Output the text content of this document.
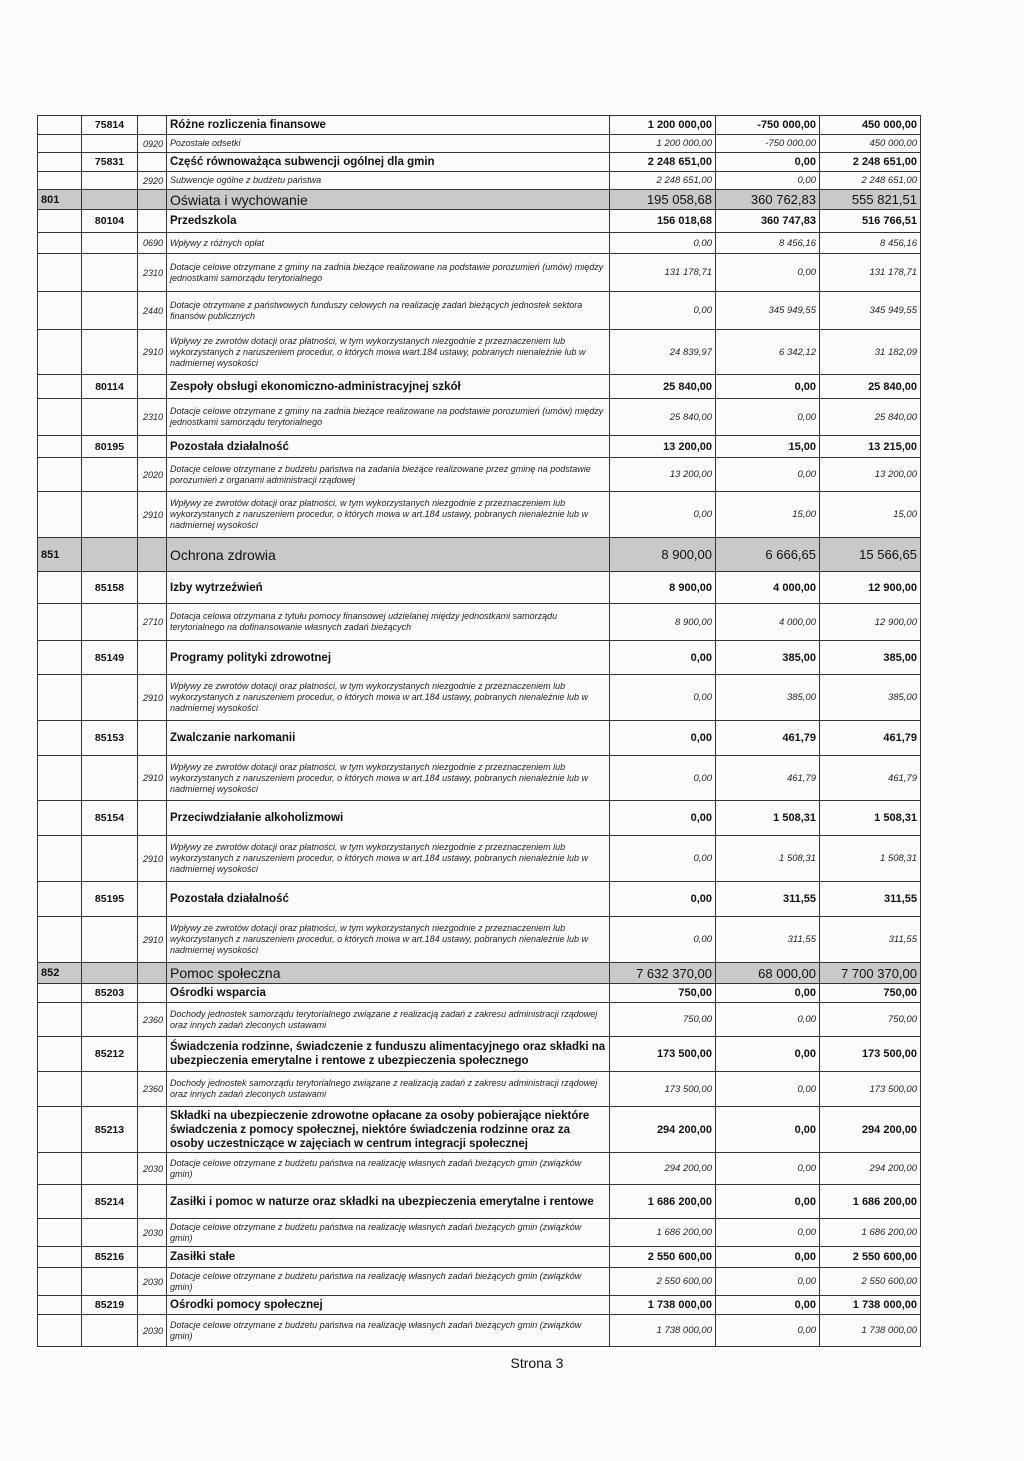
	75814		Różne rozliczenia finansowe	1 200 000,00	-750 000,00	450 000,00
		0920	Pozostałe odsetki	1 200 000,00	-750 000,00	450 000,00
	75831		Część równoważąca subwencji ogólnej dla gmin	2 248 651,00	0,00	2 248 651,00
		2920	Subwencje ogólne z budżetu państwa	2 248 651,00	0,00	2 248 651,00
801			Oświata i wychowanie	195 058,68	360 762,83	555 821,51
	80104		Przedszkola	156 018,68	360 747,83	516 766,51
		0690	Wpływy z różnych opłat	0,00	8 456,16	8 456,16
		2310	Dotacje celowe otrzymane z gminy na zadnia bieżące realizowane na podstawie porozumień (umów) między jednostkami samorządu terytorialnego	131 178,71	0,00	131 178,71
		2440	Dotacje otrzymane z państwowych funduszy celowych na realizację zadań bieżących jednostek sektora finansów publicznych	0,00	345 949,55	345 949,55
		2910	Wpływy ze zwrotów dotacji oraz płatności, w tym wykorzystanych niezgodnie z przeznaczeniem lub wykorzystanych z naruszeniem procedur, o których mowa wart.184 ustawy, pobranych nienależnie lub w nadmiernej wysokości	24 839,97	6 342,12	31 182,09
	80114		Zespoły obsługi ekonomiczno-administracyjnej szkół	25 840,00	0,00	25 840,00
		2310	Dotacje celowe otrzymane z gminy na zadnia bieżące realizowane na podstawie porozumień (umów) między jednostkami samorządu terytorialnego	25 840,00	0,00	25 840,00
	80195		Pozostała działalność	13 200,00	15,00	13 215,00
		2020	Dotacje celowe otrzymane z budżetu państwa na zadania bieżące realizowane przez gminę na podstawie porozumień z organami administracji rządowej	13 200,00	0,00	13 200,00
		2910	Wpływy ze zwrotów dotacji oraz płatności, w tym wykorzystanych niezgodnie z przeznaczeniem lub wykorzystanych z naruszeniem procedur, o których mowa w art.184 ustawy, pobranych nienależnie lub w nadmiernej wysokości	0,00	15,00	15,00
851			Ochrona zdrowia	8 900,00	6 666,65	15 566,65
	85158		Izby wytrzeźwień	8 900,00	4 000,00	12 900,00
		2710	Dotacja celowa otrzymana z tytułu pomocy finansowej udzielanej między jednostkami samorządu terytorialnego na dofinansowanie własnych zadań bieżących	8 900,00	4 000,00	12 900,00
	85149		Programy polityki zdrowotnej	0,00	385,00	385,00
		2910	Wpływy ze zwrotów dotacji oraz płatności, w tym wykorzystanych niezgodnie z przeznaczeniem lub wykorzystanych z naruszeniem procedur, o których mowa w art.184 ustawy, pobranych nienależnie lub w nadmiernej wysokości	0,00	385,00	385,00
	85153		Zwalczanie narkomanii	0,00	461,79	461,79
		2910	Wpływy ze zwrotów dotacji oraz płatności, w tym wykorzystanych niezgodnie z przeznaczeniem lub wykorzystanych z naruszeniem procedur, o których mowa w art.184 ustawy, pobranych nienależnie lub w nadmiernej wysokości	0,00	461,79	461,79
	85154		Przeciwdziałanie alkoholizmowi	0,00	1 508,31	1 508,31
		2910	Wpływy ze zwrotów dotacji oraz płatności, w tym wykorzystanych niezgodnie z przeznaczeniem lub wykorzystanych z naruszeniem procedur, o których mowa w art.184 ustawy, pobranych nienależnie lub w nadmiernej wysokości	0,00	1 508,31	1 508,31
	85195		Pozostała działalność	0,00	311,55	311,55
		2910	Wpływy ze zwrotów dotacji oraz płatności, w tym wykorzystanych niezgodnie z przeznaczeniem lub wykorzystanych z naruszeniem procedur, o których mowa w art.184 ustawy, pobranych nienależnie lub w nadmiernej wysokości	0,00	311,55	311,55
852			Pomoc społeczna	7 632 370,00	68 000,00	7 700 370,00
	85203		Ośrodki wsparcia	750,00	0,00	750,00
		2360	Dochody jednostek samorządu terytorialnego związane z realizacją zadań z zakresu administracji rządowej oraz innych zadań zleconych ustawami	750,00	0,00	750,00
	85212		Świadczenia rodzinne, świadczenie z funduszu alimentacyjnego oraz składki na ubezpieczenia emerytalne i rentowe z ubezpieczenia społecznego	173 500,00	0,00	173 500,00
		2360	Dochody jednostek samorządu terytorialnego związane z realizacją zadań z zakresu administracji rządowej oraz innych zadań zleconych ustawami	173 500,00	0,00	173 500,00
	85213		Składki na ubezpieczenie zdrowotne opłacane za osoby pobierające niektóre świadczenia z pomocy społecznej, niektóre świadczenia rodzinne oraz za osoby uczestniczące w zajęciach w centrum integracji społecznej	294 200,00	0,00	294 200,00
		2030	Dotacje celowe otrzymane z budżetu państwa na realizację własnych zadań bieżących gmin (związków gmin)	294 200,00	0,00	294 200,00
	85214		Zasiłki i pomoc w naturze oraz składki na ubezpieczenia emerytalne i rentowe	1 686 200,00	0,00	1 686 200,00
		2030	Dotacje celowe otrzymane z budżetu państwa na realizację własnych zadań bieżących gmin (związków gmin)	1 686 200,00	0,00	1 686 200,00
	85216		Zasiłki stałe	2 550 600,00	0,00	2 550 600,00
		2030	Dotacje celowe otrzymane z budżetu państwa na realizację własnych zadań bieżących gmin (związków gmin)	2 550 600,00	0,00	2 550 600,00
	85219		Ośrodki pomocy społecznej	1 738 000,00	0,00	1 738 000,00
		2030	Dotacje celowe otrzymane z budżetu państwa na realizację własnych zadań bieżących gmin (związków gmin)	1 738 000,00	0,00	1 738 000,00
Strona 3
